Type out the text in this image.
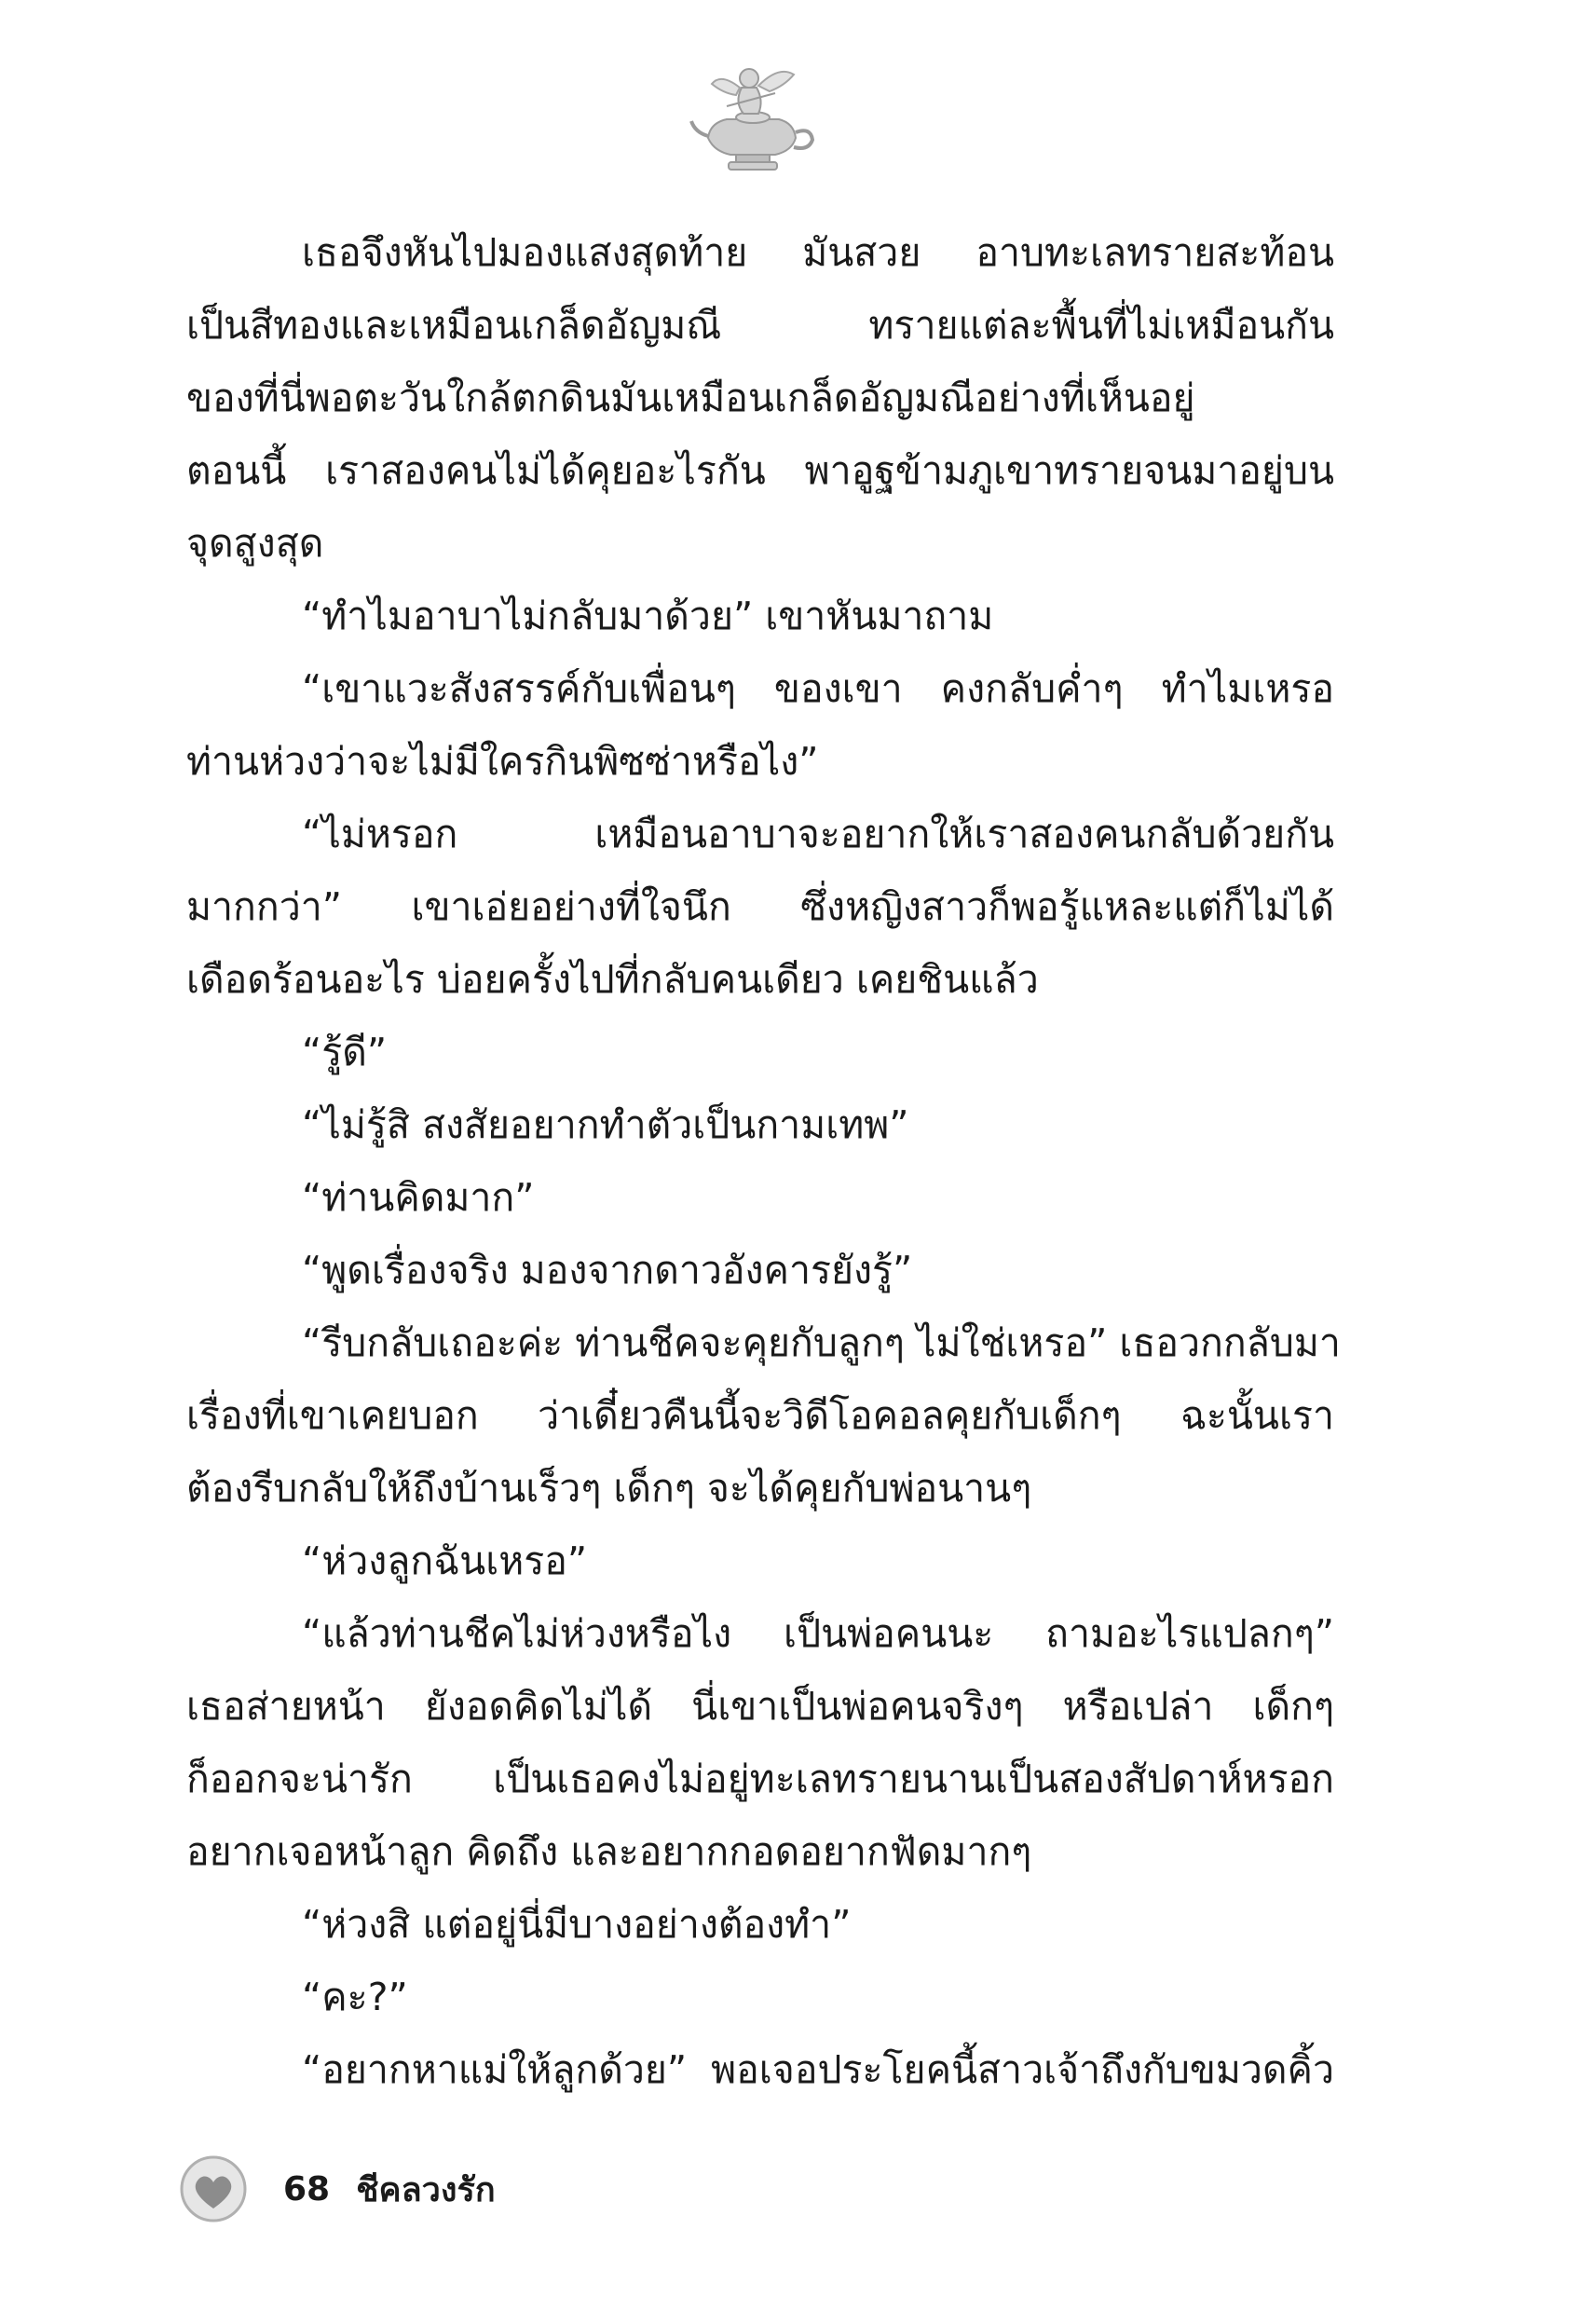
เธอจึงหันไปมองแสงสุดท้าย มันสวย อาบทะเลทรายสะท้อน
เป็นสีทองและเหมือนเกล็ดอัญมณี ทรายแต่ละพื้นที่ไม่เหมือนกัน
ของที่นี่พอตะวันใกล้ตกดินมันเหมือนเกล็ดอัญมณีอย่างที่เห็นอยู่
ตอนนี้ เราสองคนไม่ได้คุยอะไรกัน พาอูฐข้ามภูเขาทรายจนมาอยู่บน
จุดสูงสุด
“ทำไมอาบาไม่กลับมาด้วย” เขาหันมาถาม
“เขาแวะสังสรรค์กับเพื่อนๆ ของเขา คงกลับค่ำๆ ทำไมเหรอ
ท่านห่วงว่าจะไม่มีใครกินพิซซ่าหรือไง”
“ไม่หรอก เหมือนอาบาจะอยากให้เราสองคนกลับด้วยกัน
มากกว่า” เขาเอ่ยอย่างที่ใจนึก ซึ่งหญิงสาวก็พอรู้แหละแต่ก็ไม่ได้
เดือดร้อนอะไร บ่อยครั้งไปที่กลับคนเดียว เคยชินแล้ว
“รู้ดี”
“ไม่รู้สิ สงสัยอยากทำตัวเป็นกามเทพ”
“ท่านคิดมาก”
“พูดเรื่องจริง มองจากดาวอังคารยังรู้”
“รีบกลับเถอะค่ะ ท่านชีคจะคุยกับลูกๆ ไม่ใช่เหรอ” เธอวกกลับมา
เรื่องที่เขาเคยบอก ว่าเดี๋ยวคืนนี้จะวิดีโอคอลคุยกับเด็กๆ ฉะนั้นเรา
ต้องรีบกลับให้ถึงบ้านเร็วๆ เด็กๆ จะได้คุยกับพ่อนานๆ
“ห่วงลูกฉันเหรอ”
“แล้วท่านชีคไม่ห่วงหรือไง เป็นพ่อคนนะ ถามอะไรแปลกๆ”
เธอส่ายหน้า ยังอดคิดไม่ได้ นี่เขาเป็นพ่อคนจริงๆ หรือเปล่า เด็กๆ
ก็ออกจะน่ารัก เป็นเธอคงไม่อยู่ทะเลทรายนานเป็นสองสัปดาห์หรอก
อยากเจอหน้าลูก คิดถึง และอยากกอดอยากฟัดมากๆ
“ห่วงสิ แต่อยู่นี่มีบางอย่างต้องทำ”
“คะ?”
“อยากหาแม่ให้ลูกด้วย” พอเจอประโยคนี้สาวเจ้าถึงกับขมวดคิ้ว
68 ชีคลวงรัก
